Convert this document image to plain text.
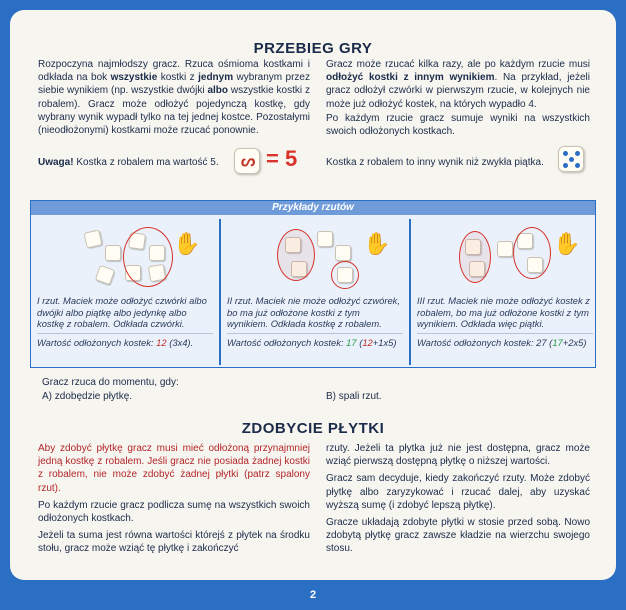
PRZEBIEG GRY

Rozpoczyna najmłodszy gracz. Rzuca ośmioma kostkami i odkłada na bok wszystkie kostki z jednym wybranym przez siebie wynikiem (np. wszystkie dwójki albo wszystkie kostki z robalem). Gracz może odłożyć pojedynczą kostkę, gdy wybrany wynik wypadł tylko na tej jednej kostce. Pozostałymi (nieodłożonymi) kostkami może rzucać ponownie.

Gracz może rzucać kilka razy, ale po każdym rzucie musi odłożyć kostki z innym wynikiem. Na przykład, jeżeli gracz odłożył czwórki w pierwszym rzucie, w kolejnych nie może już odłożyć kostek, na których wypadło 4.

Po każdym rzucie gracz sumuje wyniki na wszystkich swoich odłożonych kostkach.

Uwaga! Kostka z robalem ma wartość 5. ᔕ = 5	Kostka z robalem to inny wynik niż zwykła piątka.
Przykłady rzutów
✋
I rzut. Maciek może odłożyć czwórki albo dwójki albo piątkę albo jedynkę albo kostkę z robalem. Odkłada czwórki.
Wartość odłożonych kostek: 12 (3x4).
✋
II rzut. Maciek nie może odłożyć czwórek, bo ma już odłożone kostki z tym wynikiem. Odkłada kostkę z robalem.
Wartość odłożonych kostek: 17 (12+1x5)
✋
III rzut. Maciek nie może odłożyć kostek z robalem, bo ma już odłożone kostki z tym wynikiem. Odkłada więc piątki.
Wartość odłożonych kostek: 27 (17+2x5)
Gracz rzuca do momentu, gdy:
A) zdobędzie płytkę.	B) spali rzut.
ZDOBYCIE PŁYTKI

Aby zdobyć płytkę gracz musi mieć odłożoną przynajmniej jedną kostkę z robalem. Jeśli gracz nie posiada żadnej kostki z robalem, nie może zdobyć żadnej płytki (patrz spalony rzut).

Po każdym rzucie gracz podlicza sumę na wszystkich swoich odłożonych kostkach.

Jeżeli ta suma jest równa wartości którejś z płytek na środku stołu, gracz może wziąć tę płytkę i zakończyć

rzuty. Jeżeli ta płytka już nie jest dostępna, gracz może wziąć pierwszą dostępną płytkę o niższej wartości.

Gracz sam decyduje, kiedy zakończyć rzuty. Może zdobyć płytkę albo zaryzykować i rzucać dalej, aby uzyskać wyższą sumę (i zdobyć lepszą płytkę).

Gracze układają zdobyte płytki w stosie przed sobą. Nowo zdobytą płytkę gracz zawsze kładzie na wierzchu swojego stosu.

2
